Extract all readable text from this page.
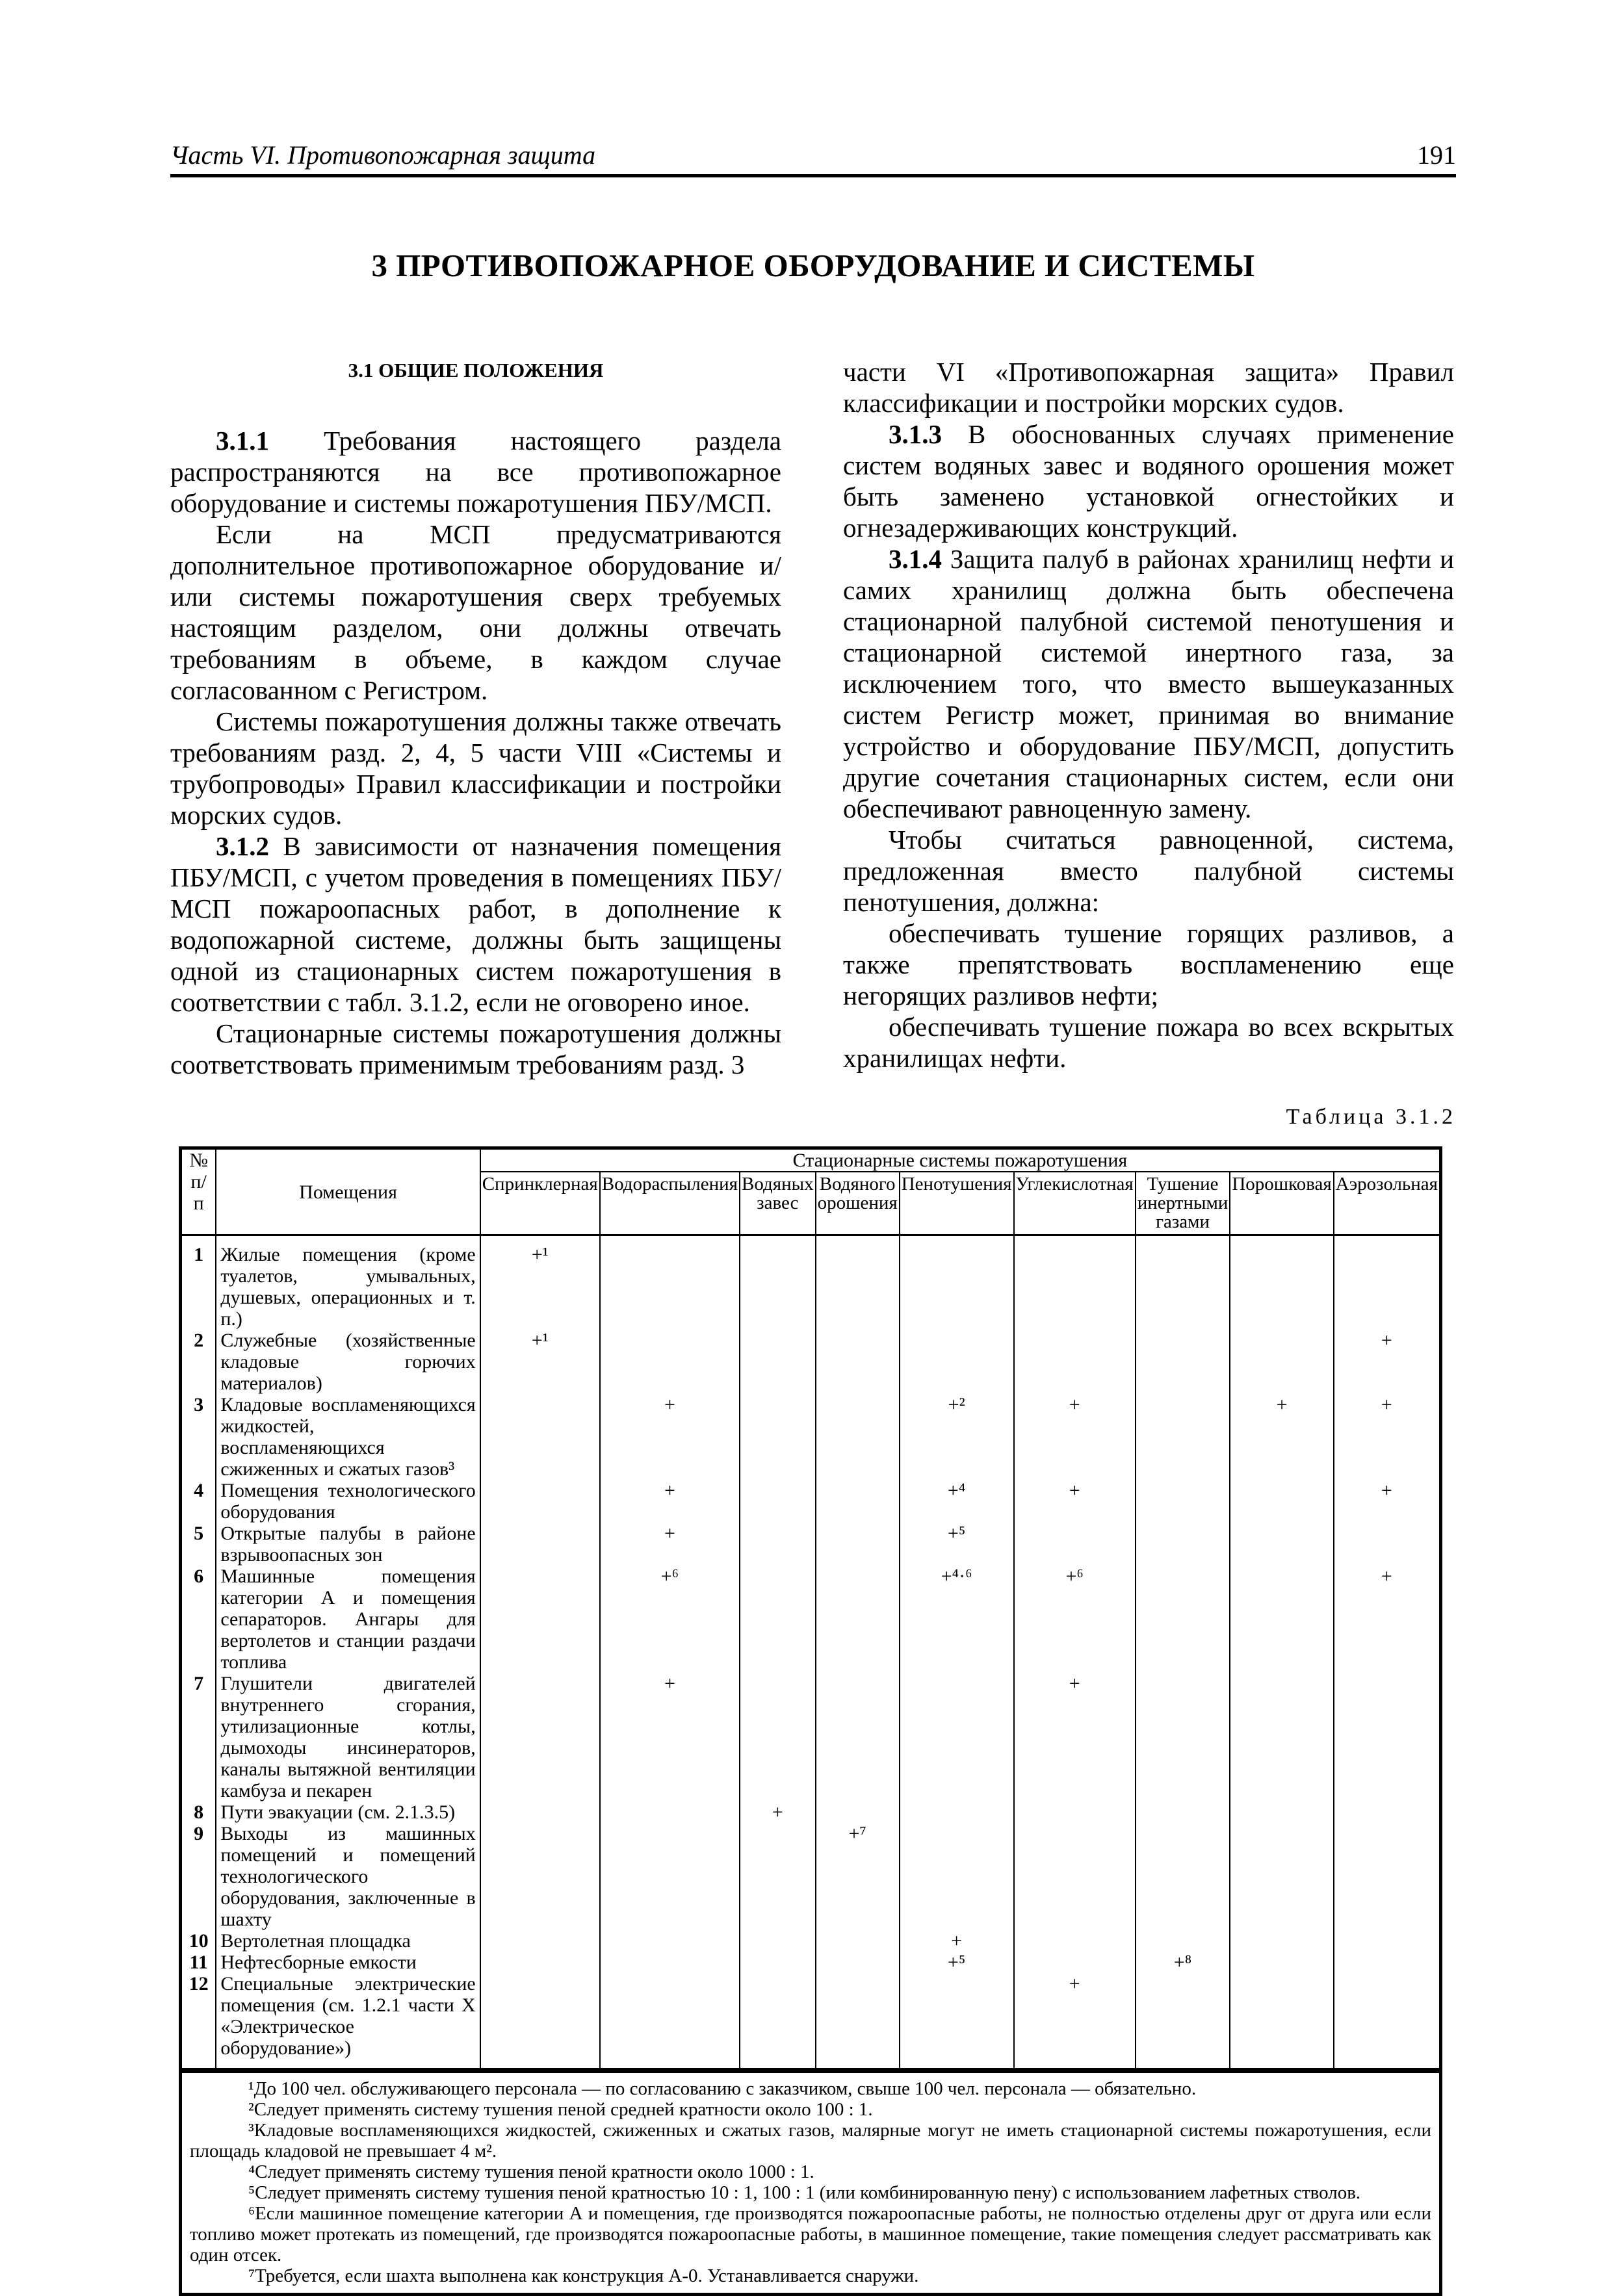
Часть VI. Противопожарная защита	191
3 ПРОТИВОПОЖАРНОЕ ОБОРУДОВАНИЕ И СИСТЕМЫ
3.1 ОБЩИЕ ПОЛОЖЕНИЯ

3.1.1 Требования настоящего раздела распространяются на все противопожарное оборудование и системы пожаротушения ПБУ/МСП.

Если на МСП предусматриваются дополнительное противопожарное оборудование и/или системы пожаротушения сверх требуемых настоящим разделом, они должны отвечать требованиям в объеме, в каждом случае согласованном с Регистром.

Системы пожаротушения должны также отвечать требованиям разд. 2, 4, 5 части VIII «Системы и трубопроводы» Правил классификации и постройки морских судов.

3.1.2 В зависимости от назначения помещения ПБУ/МСП, с учетом проведения в помещениях ПБУ/МСП пожароопасных работ, в дополнение к водопожарной системе, должны быть защищены одной из стационарных систем пожаротушения в соответствии с табл. 3.1.2, если не оговорено иное.

Стационарные системы пожаротушения должны соответствовать применимым требованиям разд. 3

части VI «Противопожарная защита» Правил классификации и постройки морских судов.

3.1.3 В обоснованных случаях применение систем водяных завес и водяного орошения может быть заменено установкой огнестойких и огнезадерживающих конструкций.

3.1.4 Защита палуб в районах хранилищ нефти и самих хранилищ должна быть обеспечена стационарной палубной системой пенотушения и стационарной системой инертного газа, за исключением того, что вместо вышеуказанных систем Регистр может, принимая во внимание устройство и оборудование ПБУ/МСП, допустить другие сочетания стационарных систем, если они обеспечивают равноценную замену.

Чтобы считаться равноценной, система, предложенная вместо палубной системы пенотушения, должна:

обеспечивать тушение горящих разливов, а также препятствовать воспламенению еще негорящих разливов нефти;

обеспечивать тушение пожара во всех вскрытых хранилищах нефти.

Таблица 3.1.2
№ п/п	Помещения	Стационарные системы пожаротушения								
		Спринклерная	Водораспыления	Водяных завес	Водяного орошения	Пенотушения	Углекислотная	Тушение инертными газами	Порошковая	Аэрозольная
1	Жилые помещения (кроме туалетов, умывальных, душевых, операционных и т. п.)	+¹								
2	Служебные (хозяйственные кладовые горючих материалов)	+¹								+
3	Кладовые воспламеняющихся жидкостей, воспламеняющихся сжиженных и сжатых газов³		+			+²	+		+	+
4	Помещения технологического оборудования		+			+⁴	+			+
5	Открытые палубы в районе взрывоопасных зон		+			+⁵				
6	Машинные помещения категории А и помещения сепараторов. Ангары для вертолетов и станции раздачи топлива		+⁶			+⁴·⁶	+⁶			+
7	Глушители двигателей внутреннего сгорания, утилизационные котлы, дымоходы инсинераторов, каналы вытяжной вентиляции камбуза и пекарен		+				+			
8	Пути эвакуации (см. 2.1.3.5)			+						
9	Выходы из машинных помещений и помещений технологического оборудования, заключенные в шахту				+⁷					
10	Вертолетная площадка					+				
11	Нефтесборные емкости					+⁵		+⁸		
12	Специальные электрические помещения (см. 1.2.1 части X «Электрическое оборудование»)						+			

¹До 100 чел. обслуживающего персонала — по согласованию с заказчиком, свыше 100 чел. персонала — обязательно.

²Следует применять систему тушения пеной средней кратности около 100 : 1.

³Кладовые воспламеняющихся жидкостей, сжиженных и сжатых газов, малярные могут не иметь стационарной системы пожаротушения, если площадь кладовой не превышает 4 м².

⁴Следует применять систему тушения пеной кратности около 1000 : 1.

⁵Следует применять систему тушения пеной кратностью 10 : 1, 100 : 1 (или комбинированную пену) с использованием лафетных стволов.

⁶Если машинное помещение категории А и помещения, где производятся пожароопасные работы, не полностью отделены друг от друга или если топливо может протекать из помещений, где производятся пожароопасные работы, в машинное помещение, такие помещения следует рассматривать как один отсек.

⁷Требуется, если шахта выполнена как конструкция А-0. Устанавливается снаружи.
